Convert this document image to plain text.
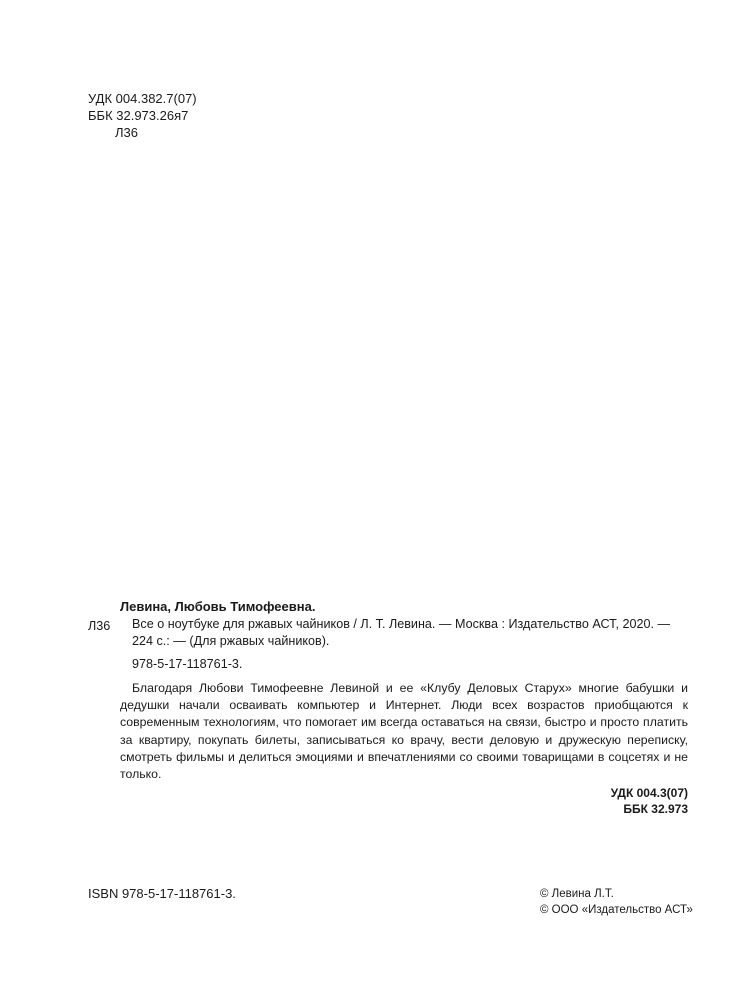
УДК 004.382.7(07)
ББК 32.973.26я7
Л36
Левина, Любовь Тимофеевна.
Л36 Все о ноутбуке для ржавых чайников / Л. Т. Левина. — Москва : Издательство АСТ, 2020. —
224 с.: — (Для ржавых чайников).
978-5-17-118761-3.
Благодаря Любови Тимофеевне Левиной и ее «Клубу Деловых Старух» многие бабушки и дедушки начали осваивать компьютер и Интернет. Люди всех возрастов приобщаются к современным технологиям, что помогает им всегда оставаться на связи, быстро и просто платить за квартиру, покупать билеты, записываться ко врачу, вести деловую и дружескую переписку, смотреть фильмы и делиться эмоциями и впечатлениями со своими товарищами в соцсетях и не только.
УДК 004.3(07)
ББК 32.973
ISBN 978-5-17-118761-3.	© Левина Л.Т.
© ООО «Издательство АСТ»
